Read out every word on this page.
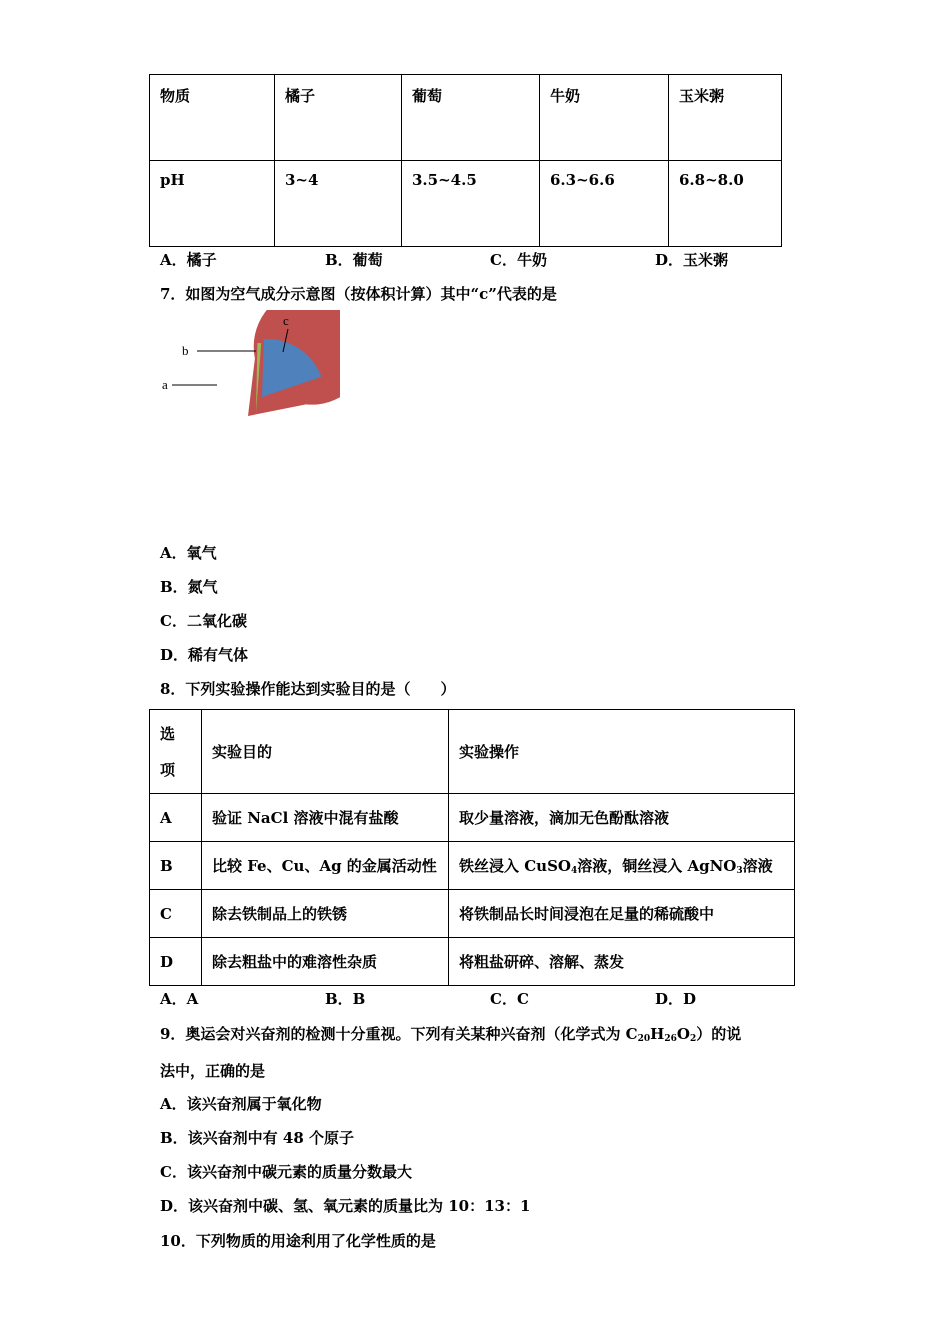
物质	橘子	葡萄	牛奶	玉米粥
pH	3~4	3.5~4.5	6.3~6.6	6.8~8.0
A．橘子	B．葡萄	C．牛奶	D．玉米粥
7．如图为空气成分示意图（按体积计算）其中“c”代表的是
a
b
c
A．氧气
B．氮气
C．二氧化碳
D．稀有气体
8．下列实验操作能达到实验目的是（　　）
选
项	实验目的	实验操作
A	验证 NaCl 溶液中混有盐酸	取少量溶液，滴加无色酚酞溶液
B	比较 Fe、Cu、Ag 的金属活动性	铁丝浸入 CuSO$_4$溶液，铜丝浸入 AgNO$_3$溶液
C	除去铁制品上的铁锈	将铁制品长时间浸泡在足量的稀硫酸中
D	除去粗盐中的难溶性杂质	将粗盐研碎、溶解、蒸发
A．A	B．B	C．C	D．D
9．奥运会对兴奋剂的检测十分重视。下列有关某种兴奋剂（化学式为 $C_{20}H_{26}O_2$）的说
法中，正确的是
A．该兴奋剂属于氧化物
B．该兴奋剂中有 48 个原子
C．该兴奋剂中碳元素的质量分数最大
D．该兴奋剂中碳、氢、氧元素的质量比为 10：13：1
10．下列物质的用途利用了化学性质的是
